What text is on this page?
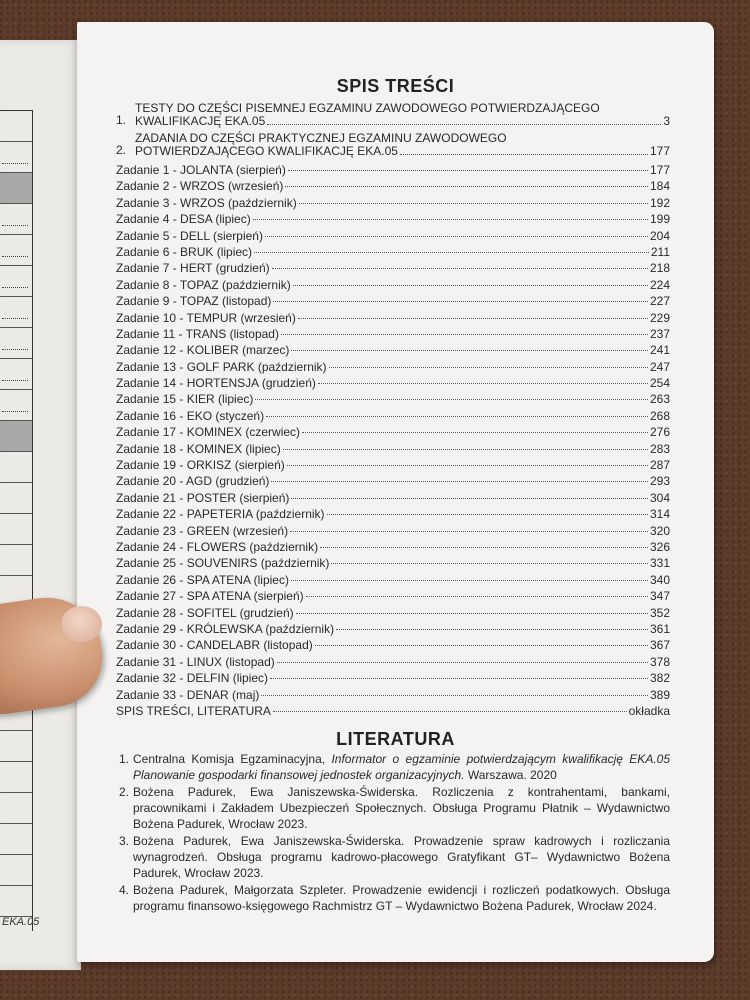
EKA.05
SPIS TREŚCI
1.
TESTY DO CZĘŚCI PISEMNEJ EGZAMINU ZAWODOWEGO POTWIERDZAJĄCEGO
KWALIFIKACJĘ EKA.05	3
2.
ZADANIA DO CZĘŚCI PRAKTYCZNEJ EGZAMINU ZAWODOWEGO
POTWIERDZAJĄCEGO KWALIFIKACJĘ EKA.05	177
Zadanie 1 - JOLANTA (sierpień)	177
Zadanie 2 - WRZOS (wrzesień)	184
Zadanie 3 - WRZOS (październik)	192
Zadanie 4 - DESA (lipiec)	199
Zadanie 5 - DELL (sierpień)	204
Zadanie 6 - BRUK (lipiec)	211
Zadanie 7 - HERT (grudzień)	218
Zadanie 8 - TOPAZ (październik)	224
Zadanie 9 - TOPAZ (listopad)	227
Zadanie 10 - TEMPUR (wrzesień)	229
Zadanie 11 - TRANS (listopad)	237
Zadanie 12 - KOLIBER (marzec)	241
Zadanie 13 - GOLF PARK (październik)	247
Zadanie 14 - HORTENSJA (grudzień)	254
Zadanie 15 - KIER (lipiec)	263
Zadanie 16 - EKO (styczeń)	268
Zadanie 17 - KOMINEX (czerwiec)	276
Zadanie 18 - KOMINEX (lipiec)	283
Zadanie 19 - ORKISZ (sierpień)	287
Zadanie 20 - AGD (grudzień)	293
Zadanie 21 - POSTER (sierpień)	304
Zadanie 22 - PAPETERIA (październik)	314
Zadanie 23 - GREEN (wrzesień)	320
Zadanie 24 - FLOWERS (październik)	326
Zadanie 25 - SOUVENIRS (październik)	331
Zadanie 26 - SPA ATENA (lipiec)	340
Zadanie 27 - SPA ATENA (sierpień)	347
Zadanie 28 - SOFITEL (grudzień)	352
Zadanie 29 - KRÓLEWSKA (październik)	361
Zadanie 30 - CANDELABR (listopad)	367
Zadanie 31 - LINUX (listopad)	378
Zadanie 32 - DELFIN (lipiec)	382
Zadanie 33 - DENAR (maj)	389
SPIS TREŚCI, LITERATURA	okładka
LITERATURA
1. Centralna Komisja Egzaminacyjna, Informator o egzaminie potwierdzającym kwalifikację EKA.05 Planowanie gospodarki finansowej jednostek organizacyjnych. Warszawa. 2020
2. Bożena Padurek, Ewa Janiszewska-Świderska. Rozliczenia z kontrahentami, bankami, pracownikami i Zakładem Ubezpieczeń Społecznych. Obsługa Programu Płatnik – Wydawnictwo Bożena Padurek, Wrocław 2023.
3. Bożena Padurek, Ewa Janiszewska-Świderska. Prowadzenie spraw kadrowych i rozliczania wynagrodzeń. Obsługa programu kadrowo-płacowego Gratyfikant GT– Wydawnictwo Bożena Padurek, Wrocław 2023.
4. Bożena Padurek, Małgorzata Szpleter. Prowadzenie ewidencji i rozliczeń podatkowych. Obsługa programu finansowo-księgowego Rachmistrz GT – Wydawnictwo Bożena Padurek, Wrocław 2024.
